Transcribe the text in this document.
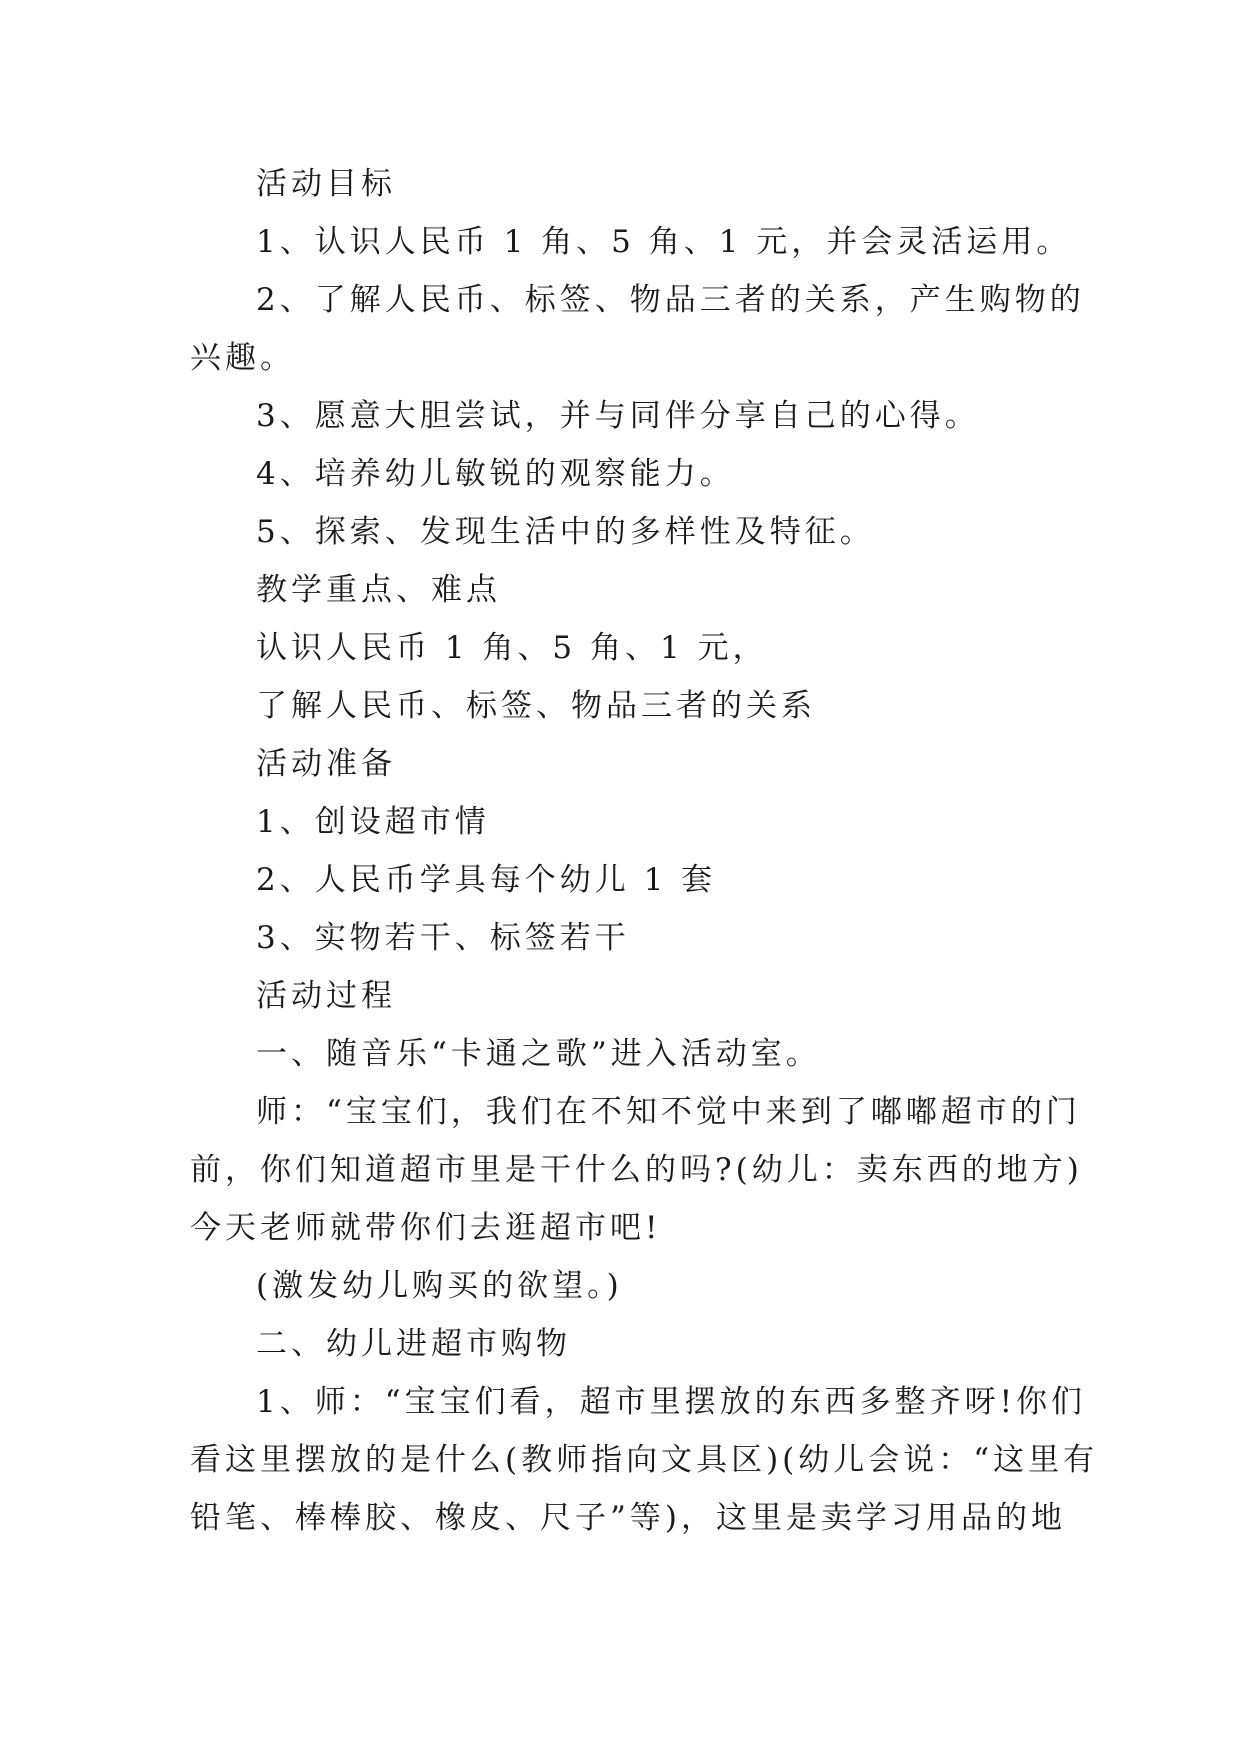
活动目标

1、认识人民币 1 角、5 角、1 元，并会灵活运用。

2、了解人民币、标签、物品三者的关系，产生购物的

兴趣。

3、愿意大胆尝试，并与同伴分享自己的心得。

4、培养幼儿敏锐的观察能力。

5、探索、发现生活中的多样性及特征。

教学重点、难点

认识人民币 1 角、5 角、1 元，

了解人民币、标签、物品三者的关系

活动准备

1、创设超市情

2、人民币学具每个幼儿 1 套

3、实物若干、标签若干

活动过程

一、随音乐“卡通之歌”进入活动室。

师：“宝宝们，我们在不知不觉中来到了嘟嘟超市的门

前，你们知道超市里是干什么的吗?(幼儿：卖东西的地方)

今天老师就带你们去逛超市吧!

(激发幼儿购买的欲望。)

二、幼儿进超市购物

1、师：“宝宝们看，超市里摆放的东西多整齐呀!你们

看这里摆放的是什么(教师指向文具区)(幼儿会说：“这里有

铅笔、棒棒胶、橡皮、尺子”等)，这里是卖学习用品的地
